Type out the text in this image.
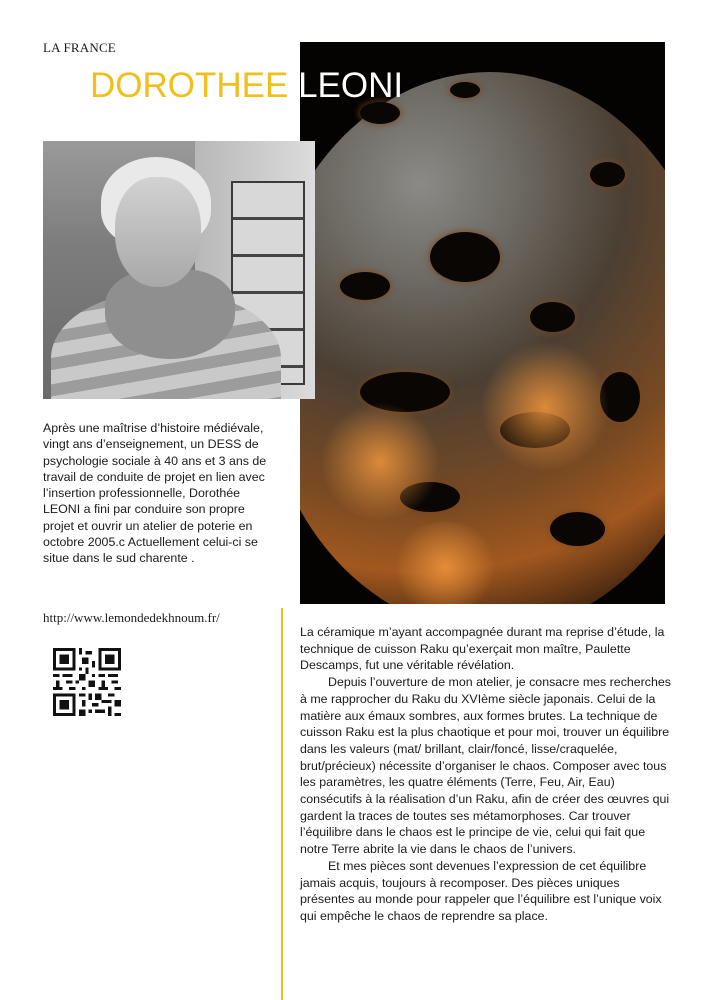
LA FRANCE
DOROTHEE LEONI
Après une maîtrise d’histoire médiévale, vingt ans d’enseignement, un DESS de psychologie sociale à 40 ans et 3 ans de travail de conduite de projet en lien avec l’insertion professionnelle, Dorothée LEONI a fini par conduire son propre projet et ouvrir un atelier de poterie en octobre 2005.c Actuellement celui-ci se situe dans le sud charente .
http://www.lemondedekhnoum.fr/

La céramique m’ayant accompagnée durant ma reprise d’étude, la technique de cuisson Raku qu’exerçait mon maître, Paulette Descamps, fut une véritable révélation.

Depuis l’ouverture de mon atelier, je consacre mes recherches à me rapprocher du Raku du XVIème siècle japonais. Celui de la matière aux émaux sombres, aux formes brutes. La technique de cuisson Raku est la plus chaotique et pour moi, trouver un équilibre dans les valeurs (mat/ brillant, clair/foncé, lisse/craquelée, brut/précieux) nécessite d’organiser le chaos. Composer avec tous les paramètres, les quatre éléments (Terre, Feu, Air, Eau) consécutifs à la réalisation d’un Raku, afin de créer des œuvres qui gardent la traces de toutes ses métamorphoses. Car trouver l’équilibre dans le chaos est le principe de vie, celui qui fait que notre Terre abrite la vie dans le chaos de l’univers.

Et mes pièces sont devenues l’expression de cet équilibre jamais acquis, toujours à recomposer. Des pièces uniques présentes au monde pour rappeler que l’équilibre est l’unique voix qui empêche le chaos de reprendre sa place.
